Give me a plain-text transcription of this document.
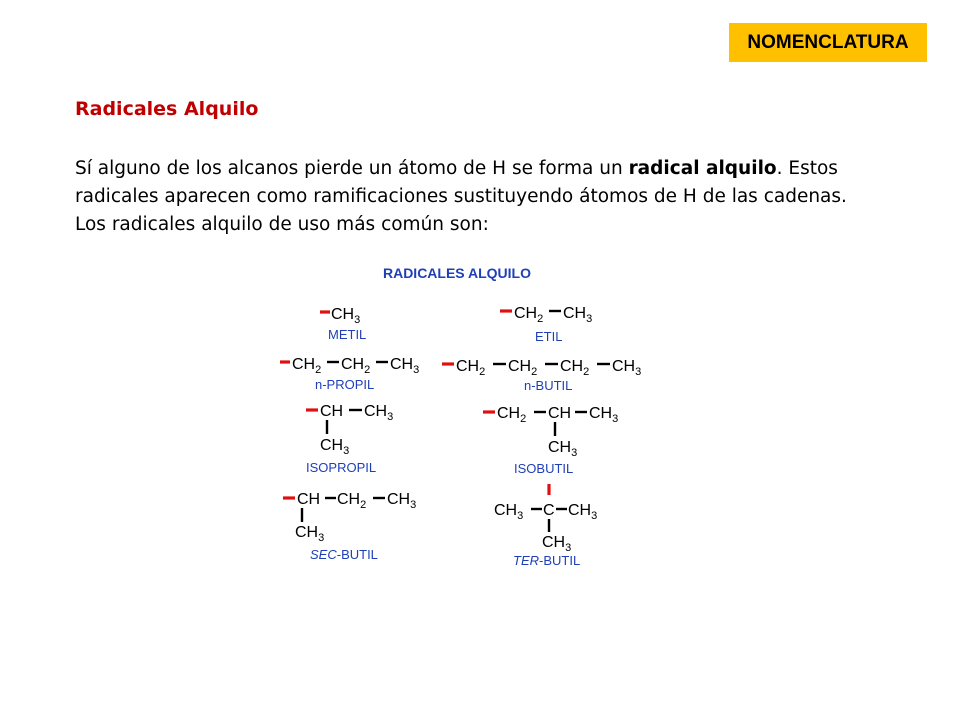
NOMENCLATURA
Radicales Alquilo
Sí alguno de los alcanos pierde un átomo de H se forma un radical alquilo. Estos
radicales aparecen como ramificaciones sustituyendo átomos de H de las cadenas.
Los radicales alquilo de uso más común son:
RADICALES ALQUILO
$CH_3$
METIL
$CH_2$ $CH_3$
ETIL
$CH_2$ $CH_2$ $CH_3$
n-PROPIL
$CH_2$ $CH_2$ $CH_2$ $CH_3$
n-BUTIL
CH $CH_3$
$CH_3$
ISOPROPIL
$CH_2$ CH $CH_3$
$CH_3$
ISOBUTIL
CH $CH_2$ $CH_3$
$CH_3$
SEC-BUTIL
$CH_3$ C $CH_3$
$CH_3$
TER-BUTIL
